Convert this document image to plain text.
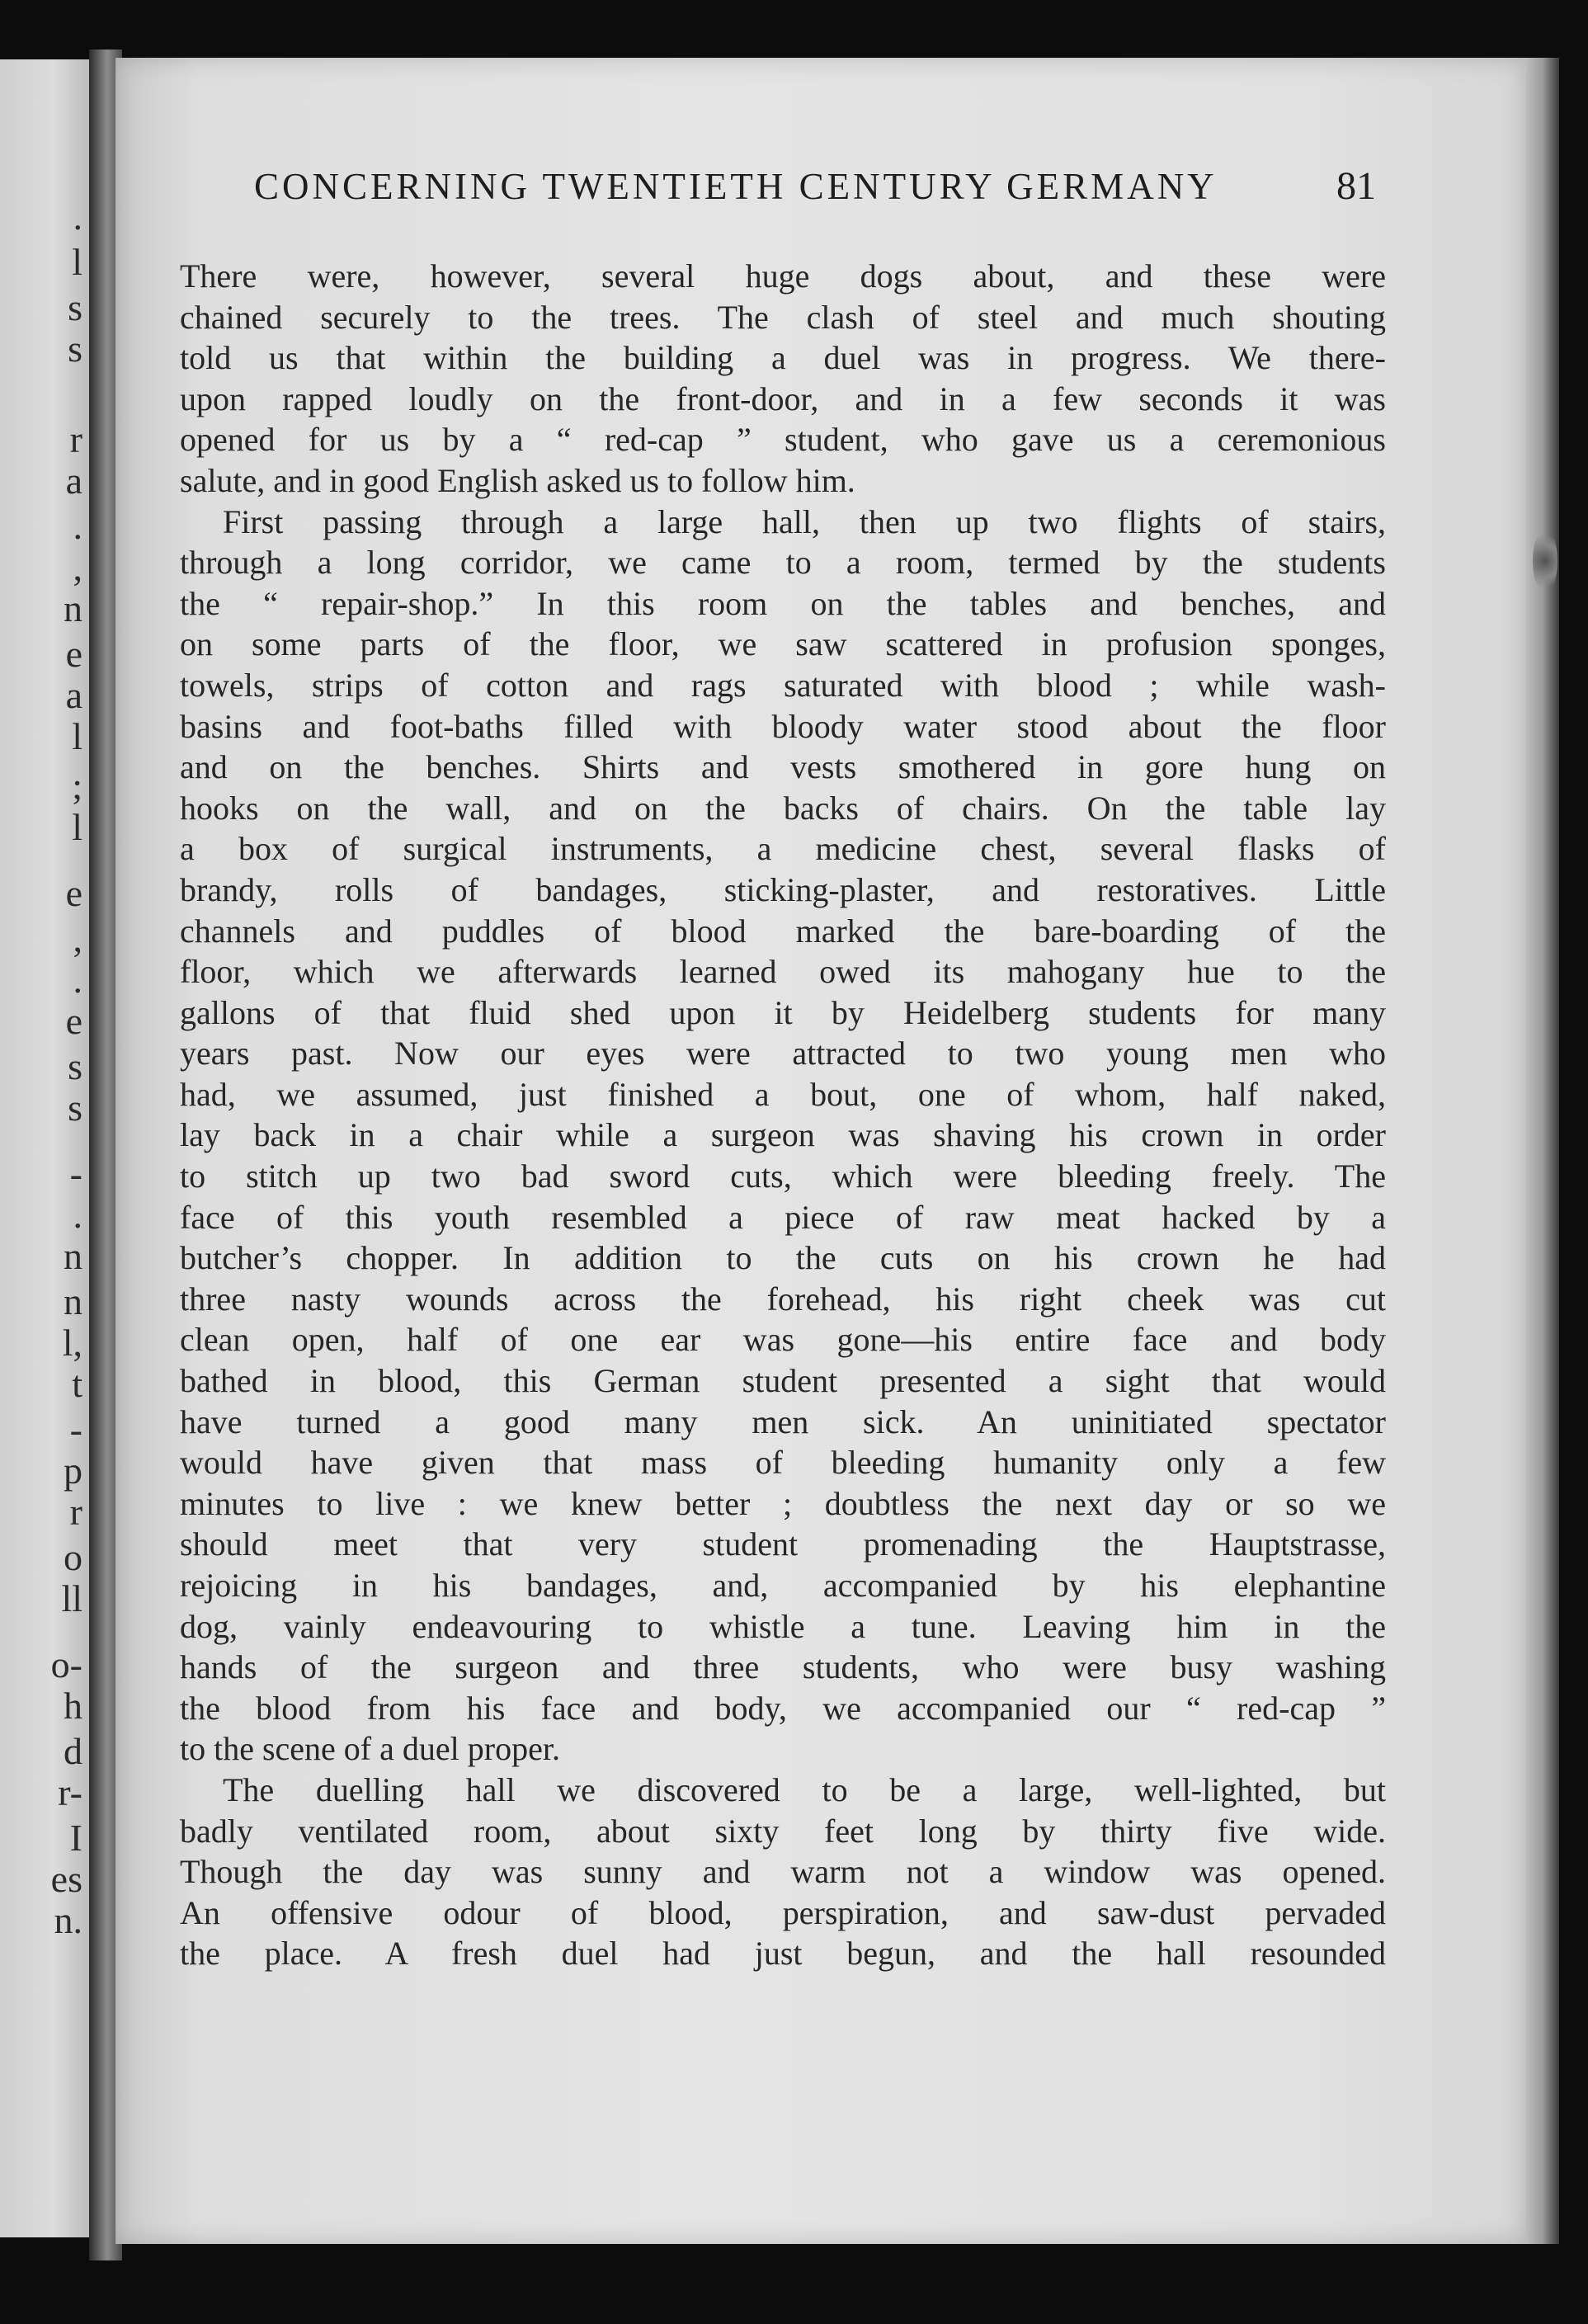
.
l
s
s
r
a
.
,
n
e
a
l
;
l
e
,
.
e
s
s
-
.
n
n
l,
t
-
p
r
o
ll
o-
h
d
r-
I
es
n.
CONCERNING TWENTIETH CENTURY GERMANY	81
There were, however, several huge dogs about, and these were
chained securely to the trees. The clash of steel and much shouting
told us that within the building a duel was in progress. We there-
upon rapped loudly on the front-door, and in a few seconds it was
opened for us by a “ red-cap ” student, who gave us a ceremonious
salute, and in good English asked us to follow him.
First passing through a large hall, then up two flights of stairs,
through a long corridor, we came to a room, termed by the students
the “ repair-shop.” In this room on the tables and benches, and
on some parts of the floor, we saw scattered in profusion sponges,
towels, strips of cotton and rags saturated with blood ; while wash-
basins and foot-baths filled with bloody water stood about the floor
and on the benches. Shirts and vests smothered in gore hung on
hooks on the wall, and on the backs of chairs. On the table lay
a box of surgical instruments, a medicine chest, several flasks of
brandy, rolls of bandages, sticking-plaster, and restoratives. Little
channels and puddles of blood marked the bare-boarding of the
floor, which we afterwards learned owed its mahogany hue to the
gallons of that fluid shed upon it by Heidelberg students for many
years past. Now our eyes were attracted to two young men who
had, we assumed, just finished a bout, one of whom, half naked,
lay back in a chair while a surgeon was shaving his crown in order
to stitch up two bad sword cuts, which were bleeding freely. The
face of this youth resembled a piece of raw meat hacked by a
butcher’s chopper. In addition to the cuts on his crown he had
three nasty wounds across the forehead, his right cheek was cut
clean open, half of one ear was gone—his entire face and body
bathed in blood, this German student presented a sight that would
have turned a good many men sick. An uninitiated spectator
would have given that mass of bleeding humanity only a few
minutes to live : we knew better ; doubtless the next day or so we
should meet that very student promenading the Hauptstrasse,
rejoicing in his bandages, and, accompanied by his elephantine
dog, vainly endeavouring to whistle a tune. Leaving him in the
hands of the surgeon and three students, who were busy washing
the blood from his face and body, we accompanied our “ red-cap ”
to the scene of a duel proper.
The duelling hall we discovered to be a large, well-lighted, but
badly ventilated room, about sixty feet long by thirty five wide.
Though the day was sunny and warm not a window was opened.
An offensive odour of blood, perspiration, and saw-dust pervaded
the place. A fresh duel had just begun, and the hall resounded
